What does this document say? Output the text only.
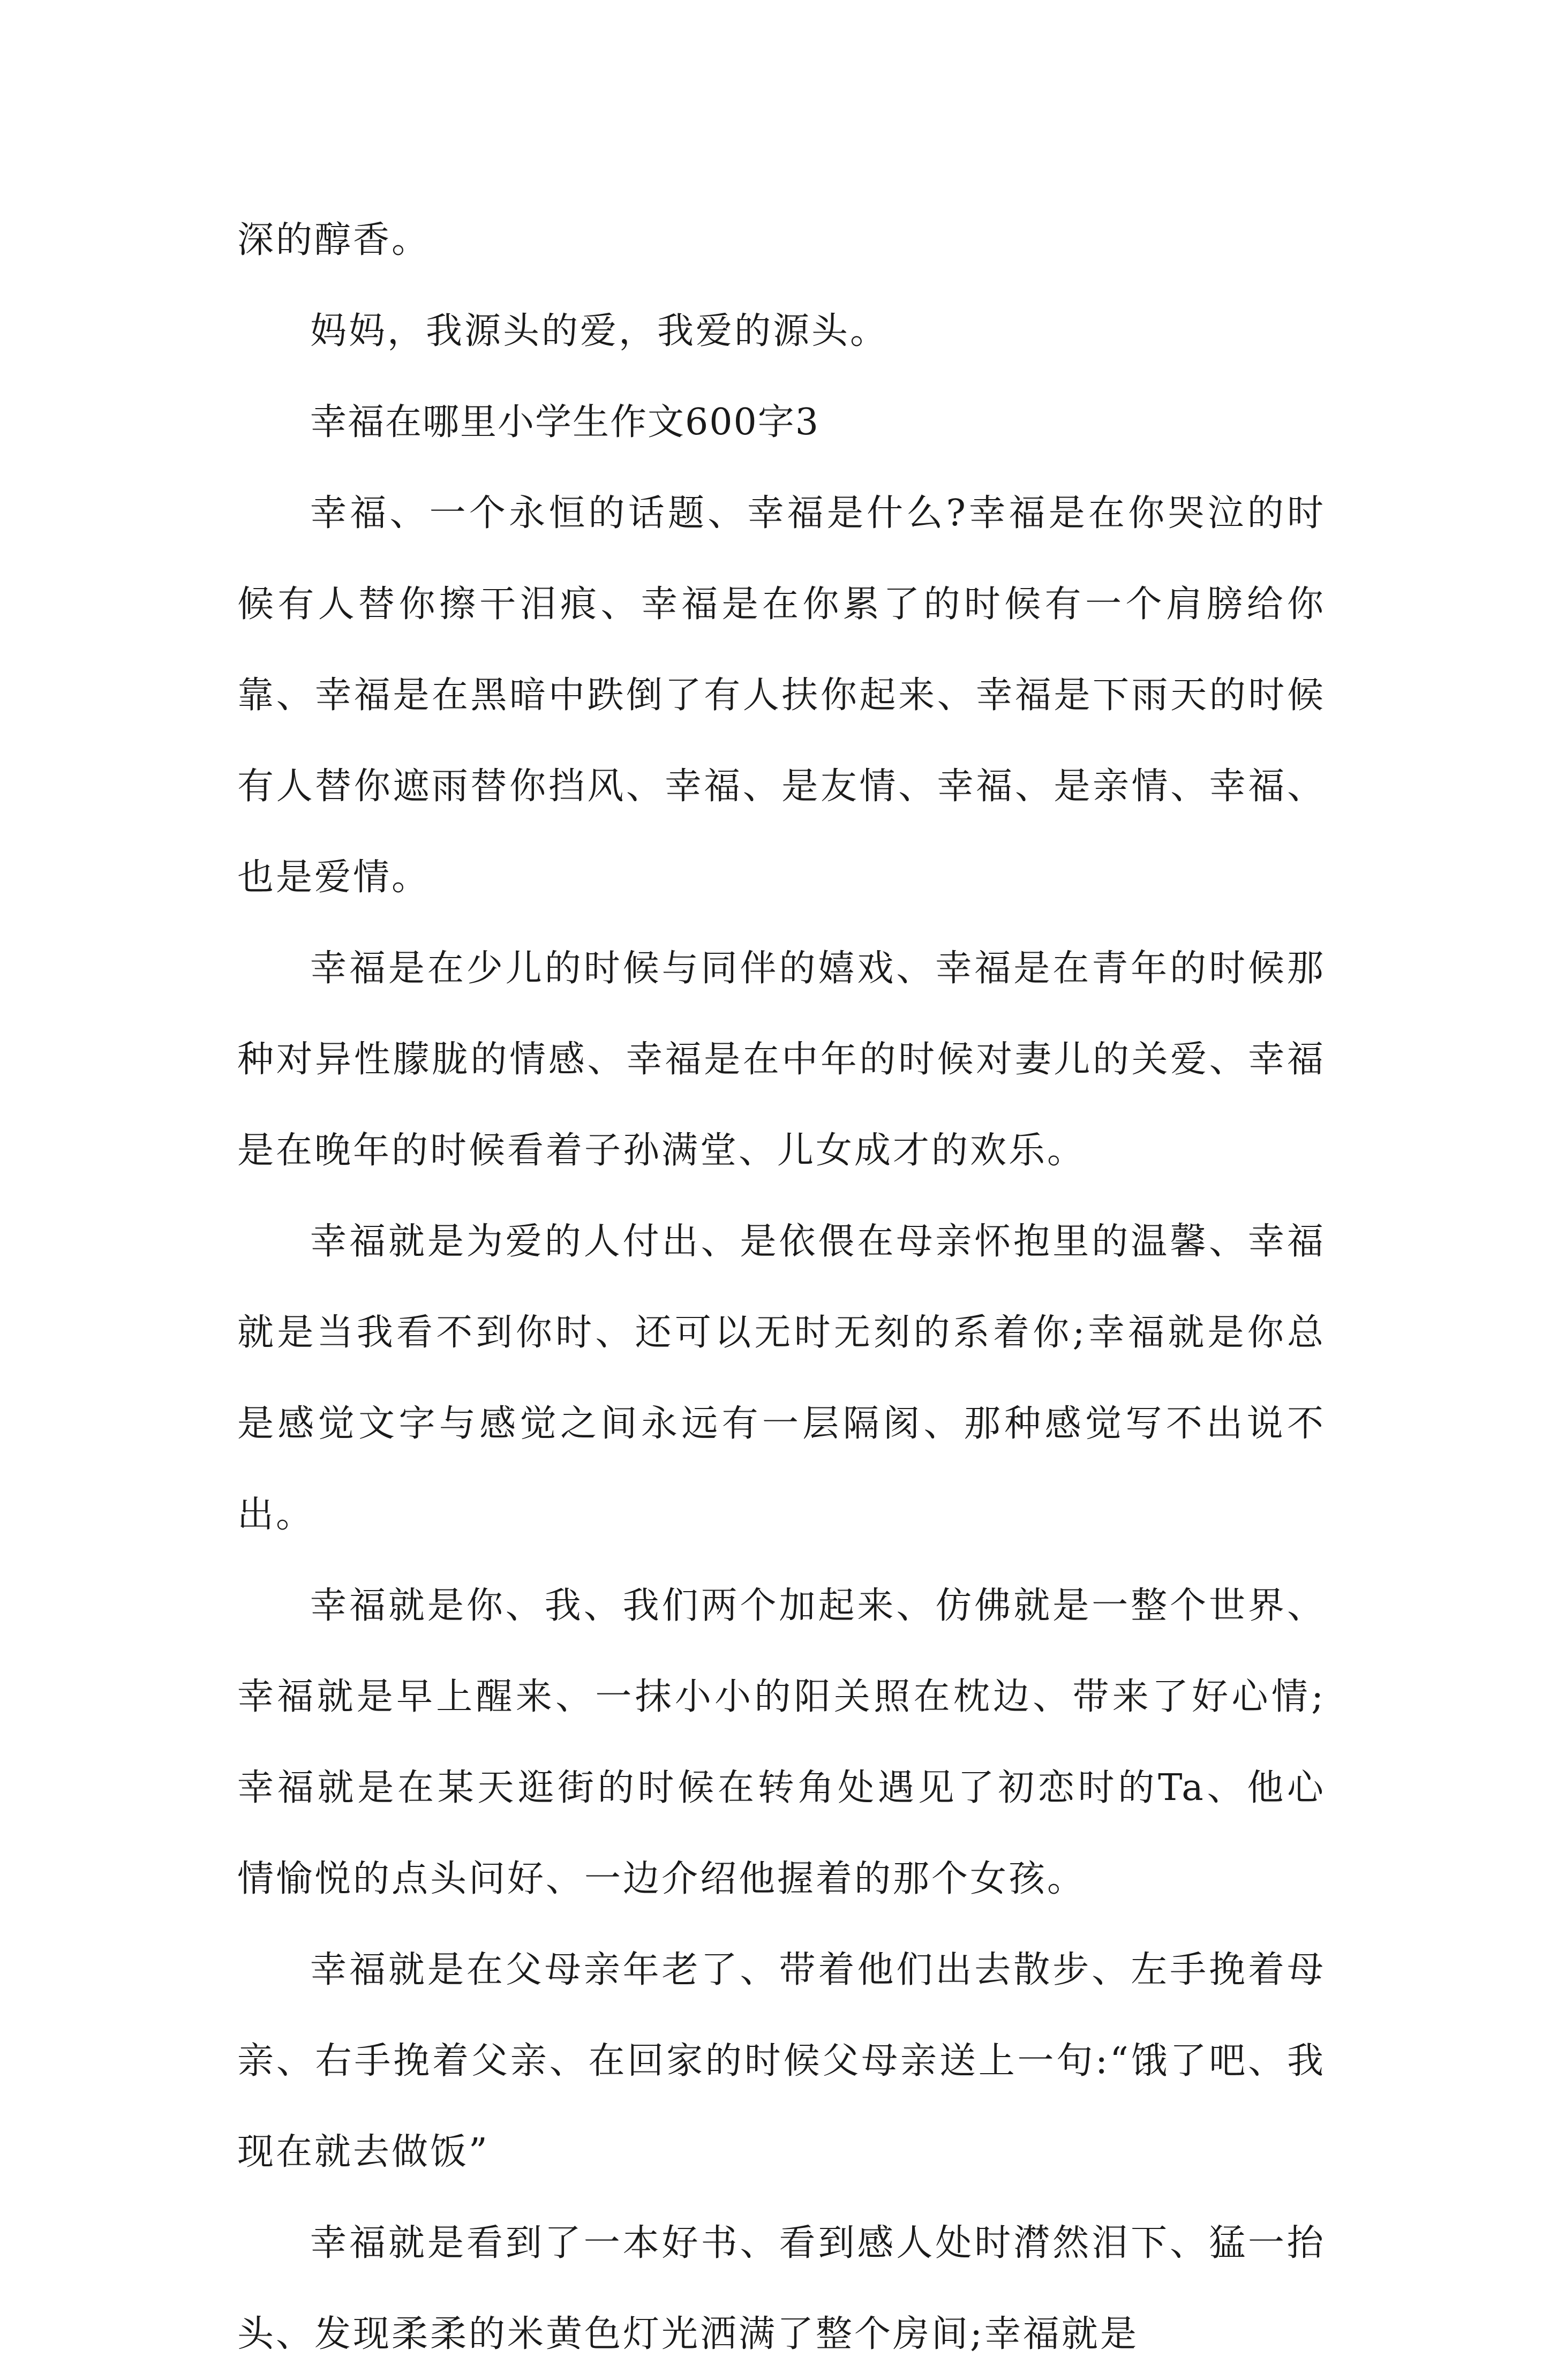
深的醇香。

妈妈，我源头的爱，我爱的源头。

幸福在哪里小学生作文600字3

幸福、一个永恒的话题、幸福是什么?幸福是在你哭泣的时候有人替你擦干泪痕、幸福是在你累了的时候有一个肩膀给你靠、幸福是在黑暗中跌倒了有人扶你起来、幸福是下雨天的时候有人替你遮雨替你挡风、幸福、是友情、幸福、是亲情、幸福、也是爱情。

幸福是在少儿的时候与同伴的嬉戏、幸福是在青年的时候那种对异性朦胧的情感、幸福是在中年的时候对妻儿的关爱、幸福是在晚年的时候看着子孙满堂、儿女成才的欢乐。

幸福就是为爱的人付出、是依偎在母亲怀抱里的温馨、幸福就是当我看不到你时、还可以无时无刻的系着你;幸福就是你总是感觉文字与感觉之间永远有一层隔阂、那种感觉写不出说不出。

幸福就是你、我、我们两个加起来、仿佛就是一整个世界、幸福就是早上醒来、一抹小小的阳关照在枕边、带来了好心情;幸福就是在某天逛街的时候在转角处遇见了初恋时的Ta、他心情愉悦的点头问好、一边介绍他握着的那个女孩。

幸福就是在父母亲年老了、带着他们出去散步、左手挽着母亲、右手挽着父亲、在回家的时候父母亲送上一句:“饿了吧、我现在就去做饭”

幸福就是看到了一本好书、看到感人处时潸然泪下、猛一抬头、发现柔柔的米黄色灯光洒满了整个房间;幸福就是
